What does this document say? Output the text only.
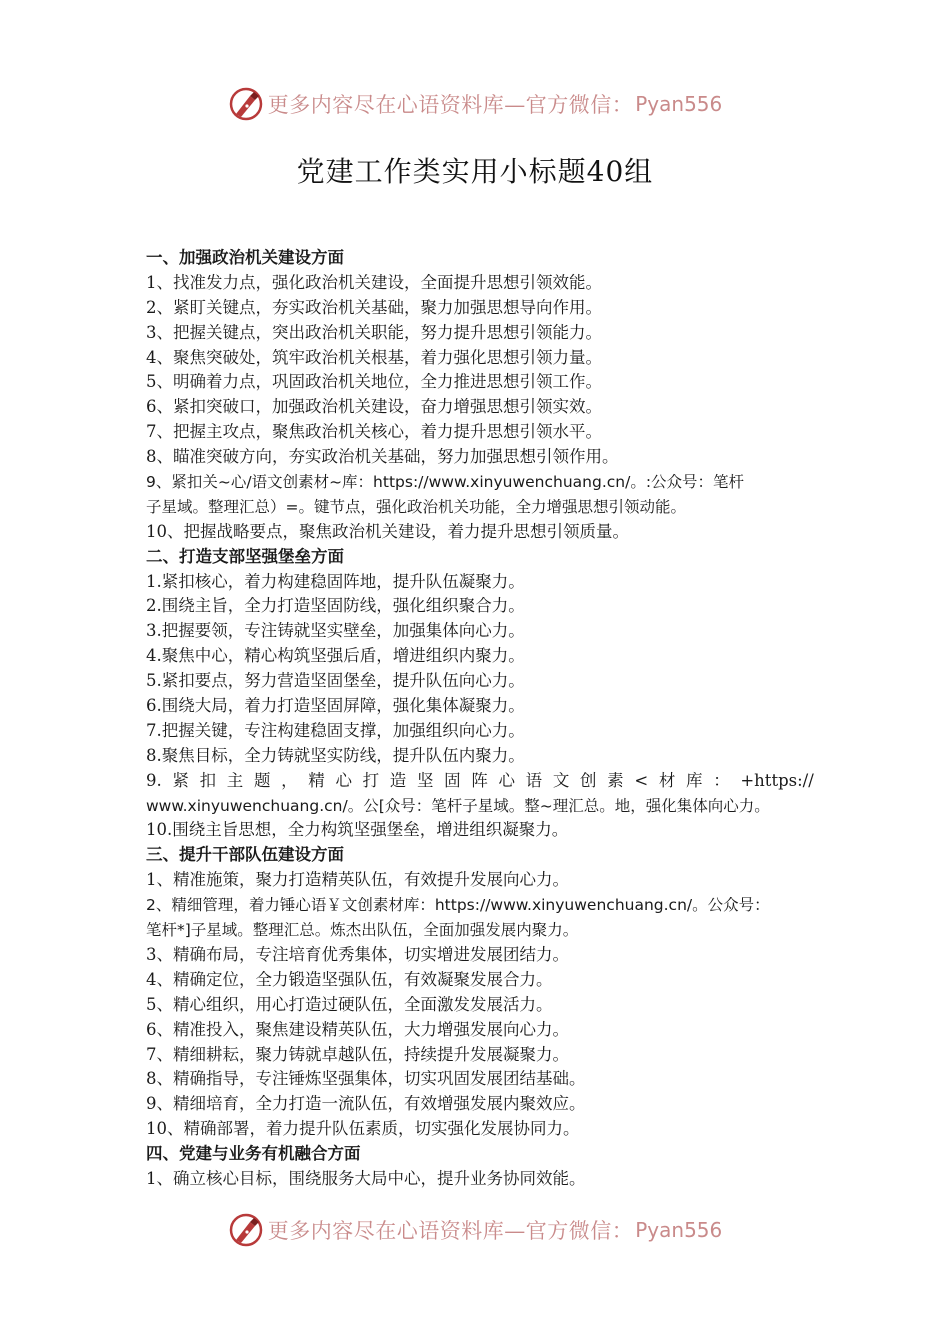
更多内容尽在心语资料库—官方微信： Pyan556
党建工作类实用小标题40组
一、加强政治机关建设方面
1、找准发力点，强化政治机关建设，全面提升思想引领效能。
2、紧盯关键点，夯实政治机关基础，聚力加强思想导向作用。
3、把握关键点，突出政治机关职能，努力提升思想引领能力。
4、聚焦突破处，筑牢政治机关根基，着力强化思想引领力量。
5、明确着力点，巩固政治机关地位，全力推进思想引领工作。
6、紧扣突破口，加强政治机关建设，奋力增强思想引领实效。
7、把握主攻点，聚焦政治机关核心，着力提升思想引领水平。
8、瞄准突破方向，夯实政治机关基础，努力加强思想引领作用。
9、紧扣关~心/语文创素材~库：https://www.xinyuwenchuang.cn/。:公众号：笔杆
子星域。整理汇总）=。键节点，强化政治机关功能，全力增强思想引领动能。
10、把握战略要点，聚焦政治机关建设，着力提升思想引领质量。
二、打造支部坚强堡垒方面
1.紧扣核心，着力构建稳固阵地，提升队伍凝聚力。
2.围绕主旨，全力打造坚固防线，强化组织聚合力。
3.把握要领，专注铸就坚实壁垒，加强集体向心力。
4.聚焦中心，精心构筑坚强后盾，增进组织内聚力。
5.紧扣要点，努力营造坚固堡垒，提升队伍向心力。
6.围绕大局，着力打造坚固屏障，强化集体凝聚力。
7.把握关键，专注构建稳固支撑，加强组织向心力。
8.聚焦目标，全力铸就坚实防线，提升队伍内聚力。
9. 紧 扣 主 题 ， 精 心 打 造 坚 固 阵 心 语 文 创 素 < 材 库 ： +https://
www.xinyuwenchuang.cn/。公[众号：笔杆子星域。整~理汇总。地，强化集体向心力。
10.围绕主旨思想，全力构筑坚强堡垒，增进组织凝聚力。
三、提升干部队伍建设方面
1、精准施策，聚力打造精英队伍，有效提升发展向心力。
2、精细管理，着力锤心语￥文创素材库：https://www.xinyuwenchuang.cn/。公众号：
笔杆*]子星域。整理汇总。炼杰出队伍，全面加强发展内聚力。
3、精确布局，专注培育优秀集体，切实增进发展团结力。
4、精确定位，全力锻造坚强队伍，有效凝聚发展合力。
5、精心组织，用心打造过硬队伍，全面激发发展活力。
6、精准投入，聚焦建设精英队伍，大力增强发展向心力。
7、精细耕耘，聚力铸就卓越队伍，持续提升发展凝聚力。
8、精确指导，专注锤炼坚强集体，切实巩固发展团结基础。
9、精细培育，全力打造一流队伍，有效增强发展内聚效应。
10、精确部署，着力提升队伍素质，切实强化发展协同力。
四、党建与业务有机融合方面
1、确立核心目标，围绕服务大局中心，提升业务协同效能。
更多内容尽在心语资料库—官方微信： Pyan556
